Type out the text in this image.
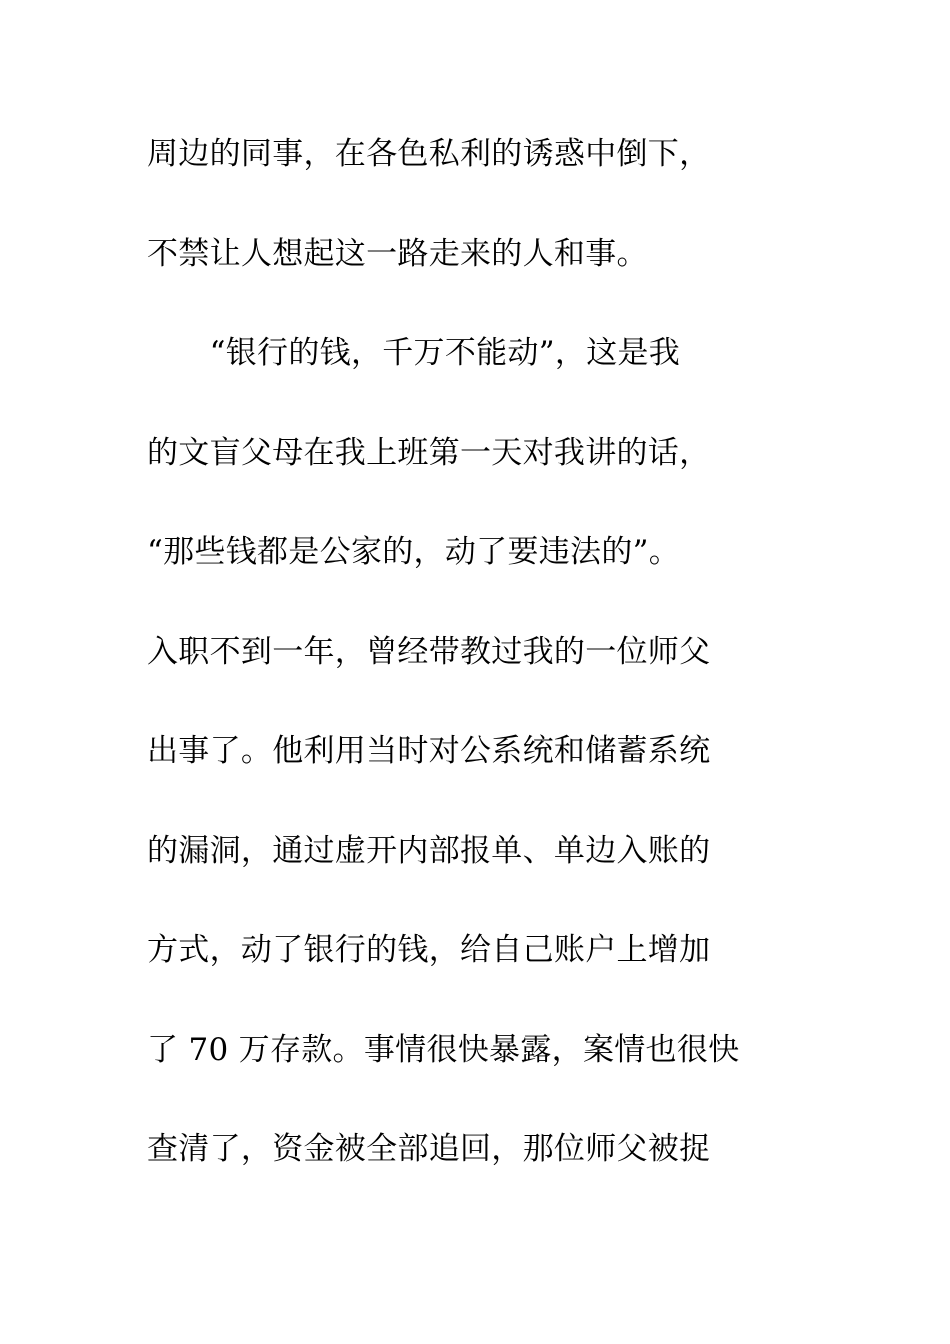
周边的同事，在各色私利的诱惑中倒下，
不禁让人想起这一路走来的人和事。
　　“银行的钱，千万不能动”，这是我
的文盲父母在我上班第一天对我讲的话，
“那些钱都是公家的，动了要违法的”。
入职不到一年，曾经带教过我的一位师父
出事了。他利用当时对公系统和储蓄系统
的漏洞，通过虚开内部报单、单边入账的
方式，动了银行的钱，给自己账户上增加
了 70 万存款。事情很快暴露，案情也很快
查清了，资金被全部追回，那位师父被捉
